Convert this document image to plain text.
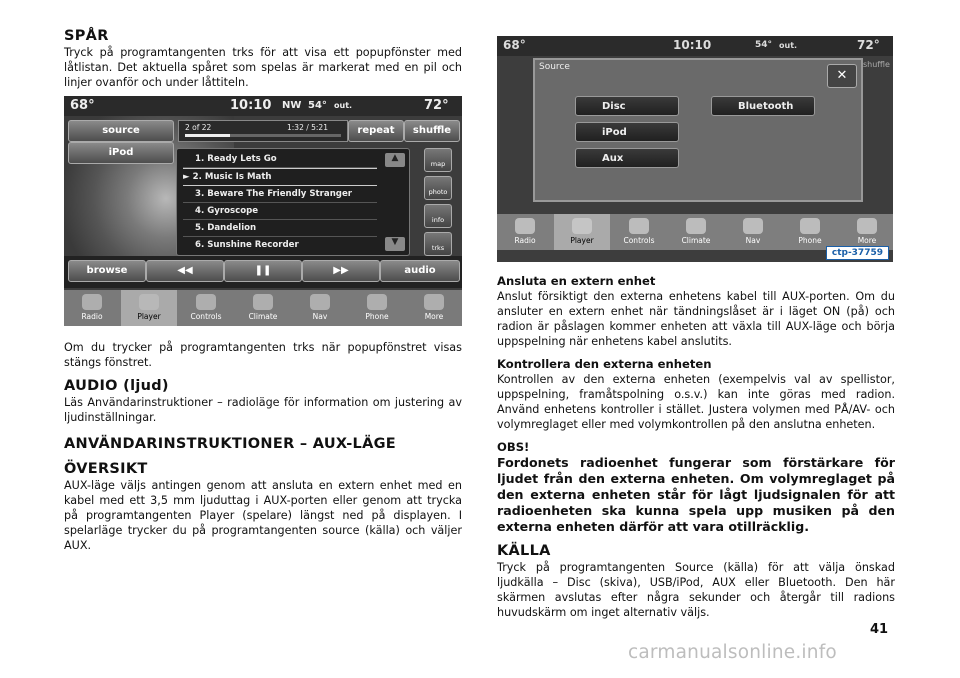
SPÅR

Tryck på programtangenten trks för att visa ett popupfönster med låtlistan. Det aktuella spåret som spelas är markerat med en pil och linjer ovanför och under låttiteln.

68°	10:10 NW 54° out.	72°
source
iPod
2 of 22	1:32 / 5:21	repeat	shuffle
1. Ready Lets Go
► 2. Music Is Math
3. Beware The Friendly Stranger
4. Gyroscope
5. Dandelion
6. Sunshine Recorder
▲
▼
map
photo
info
trks
browse	◀◀	❚❚	▶▶	audio
Radio	Player	Controls	Climate	Nav	Phone	More

Om du trycker på programtangenten trks när popupfönstret visas stängs fönstret.

AUDIO (ljud)

Läs Användarinstruktioner – radioläge för information om justering av ljudinställningar.

ANVÄNDARINSTRUKTIONER – AUX-LÄGE
ÖVERSIKT

AUX-läge väljs antingen genom att ansluta en extern enhet med en kabel med ett 3,5 mm ljuduttag i AUX-porten eller genom att trycka på programtangenten Player (spelare) längst ned på displayen. I spelarläge trycker du på programtangenten source (källa) och väljer AUX.

68°	10:10	54° out.	72°
shuffle
Source
✕
Disc	Bluetooth
iPod
Aux
Radio	Player	Controls	Climate	Nav	Phone	More
ctp-37759
Ansluta en extern enhet

Anslut försiktigt den externa enhetens kabel till AUX-porten. Om du ansluter en extern enhet när tändningslåset är i läget ON (på) och radion är påslagen kommer enheten att växla till AUX-läge och börja uppspelning när enhetens kabel anslutits.

Kontrollera den externa enheten

Kontrollen av den externa enheten (exempelvis val av spellistor, uppspelning, framåtspolning o.s.v.) kan inte göras med radion. Använd enhetens kontroller i stället. Justera volymen med PÅ/AV- och volymreglaget eller med volymkontrollen på den anslutna enheten.

OBS!

Fordonets radioenhet fungerar som förstärkare för ljudet från den externa enheten. Om volymreglaget på den externa enheten står för lågt ljudsignalen för att radioenheten ska kunna spela upp musiken på den externa enheten därför att vara otillräcklig.

KÄLLA

Tryck på programtangenten Source (källa) för att välja önskad ljudkälla – Disc (skiva), USB/iPod, AUX eller Bluetooth. Den här skärmen avslutas efter några sekunder och återgår till radions huvudskärm om inget alternativ väljs.

41
carmanualsonline.info
